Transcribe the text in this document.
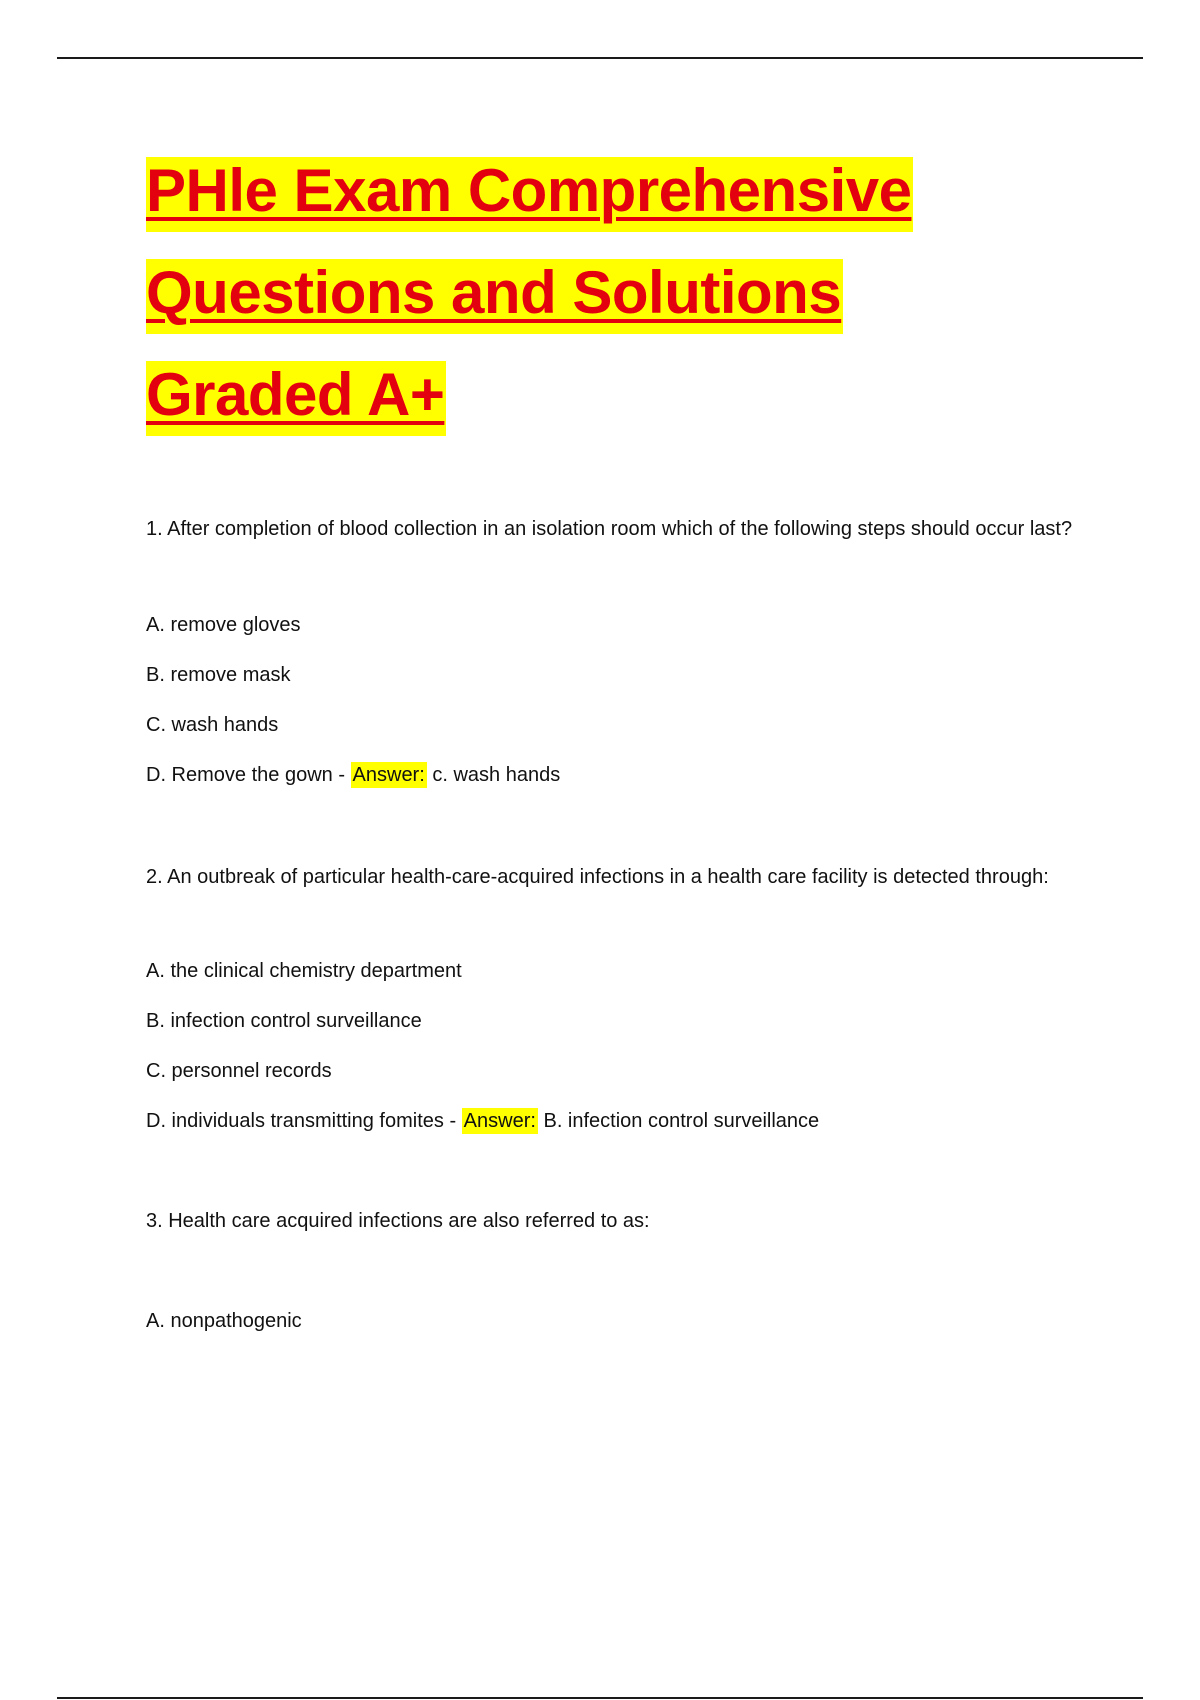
PHle Exam Comprehensive
Questions and Solutions
Graded A+

1. After completion of blood collection in an isolation room which of the following steps should occur last?

A. remove gloves

B. remove mask

C. wash hands

D. Remove the gown - Answer: c. wash hands

2. An outbreak of particular health-care-acquired infections in a health care facility is detected through:

A. the clinical chemistry department

B. infection control surveillance

C. personnel records

D. individuals transmitting fomites - Answer: B. infection control surveillance

3. Health care acquired infections are also referred to as:

A. nonpathogenic
